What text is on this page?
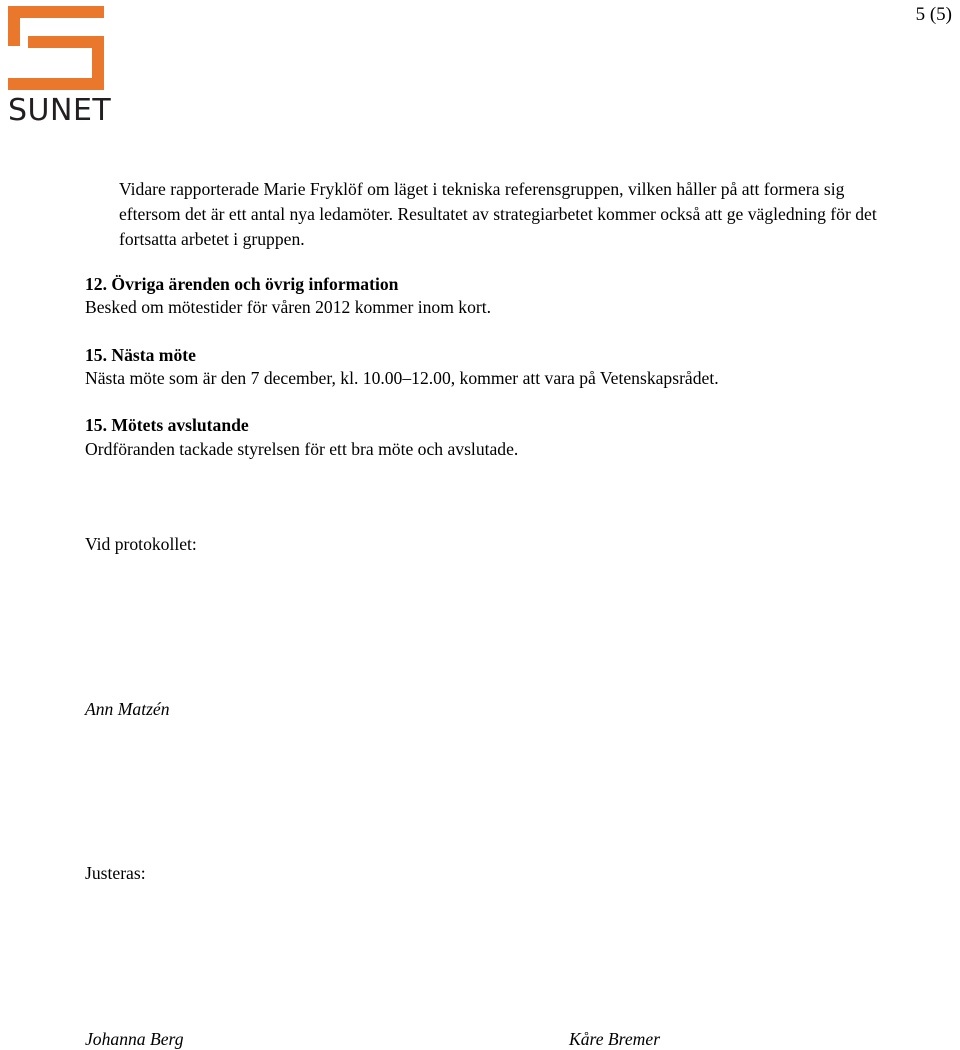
SUNET
5 (5)
Vidare rapporterade Marie Fryklöf om läget i tekniska referensgruppen, vilken håller på att formera sig eftersom det är ett antal nya ledamöter. Resultatet av strategiarbetet kommer också att ge vägledning för det fortsatta arbetet i gruppen.
12. Övriga ärenden och övrig information
Besked om mötestider för våren 2012 kommer inom kort.
15. Nästa möte
Nästa möte som är den 7 december, kl. 10.00–12.00, kommer att vara på Vetenskapsrådet.
15. Mötets avslutande
Ordföranden tackade styrelsen för ett bra möte och avslutade.
Vid protokollet:
Ann Matzén
Justeras:
Johanna Berg	Kåre Bremer
